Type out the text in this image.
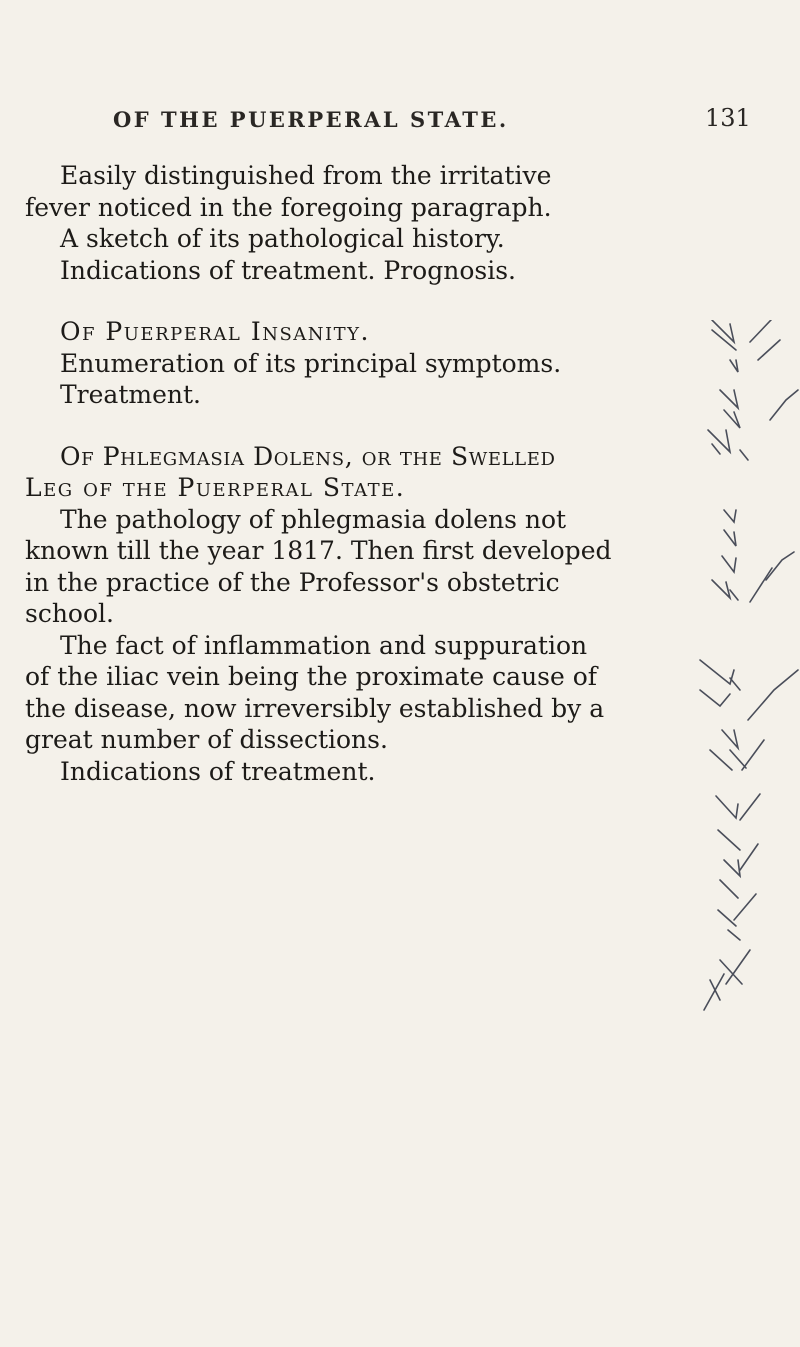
OF THE PUERPERAL STATE.	131
Easily distinguished from the irritative
fever noticed in the foregoing paragraph.
A sketch of its pathological history.
Indications of treatment. Prognosis.
Of Puerperal Insanity.
Enumeration of its principal symptoms.
Treatment.
Of Phlegmasia Dolens, or the Swelled
Leg of the Puerperal State.
The pathology of phlegmasia dolens not
known till the year 1817. Then first developed
in the practice of the Professor's obstetric
school.
The fact of inflammation and suppuration
of the iliac vein being the proximate cause of
the disease, now irreversibly established by a
great number of dissections.
Indications of treatment.
